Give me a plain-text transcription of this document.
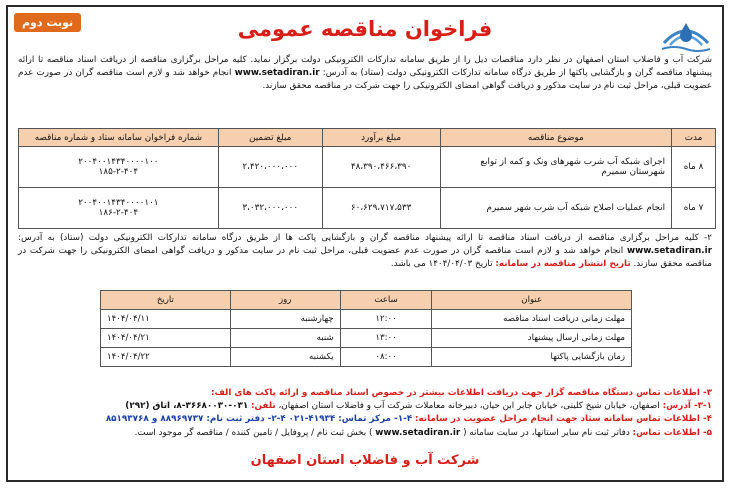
نوبت دوم	فراخوان مناقصه عمومی
شرکت آب و فاضلاب استان اصفهان در نظر دارد مناقصات ذیل را از طریق سامانه تدارکات الکترونیکی دولت برگزار نماید. کلیه مراحل برگزاری مناقصه از دریافت اسناد مناقصه تا ارائه پیشنهاد مناقصه گران و بازگشایی پاکتها از طریق درگاه سامانه تدارکات الکترونیکی دولت (ستاد) به آدرس: www.setadiran.ir انجام خواهد شد و لازم است مناقصه گران در صورت عدم عضویت قبلی، مراحل ثبت نام در سایت مذکور و دریافت گواهی امضای الکترونیکی را جهت شرکت در مناقصه محقق سازند.
مدت	موضوع مناقصه	مبلغ برآورد	مبلغ تضمین	شماره فراخوان سامانه ستاد و شماره مناقصه
۸ ماه	اجرای شبکه آب شرب شهرهای ونک و کمه از توابع شهرستان سمیرم	۴۸،۳۹۰،۴۶۶،۳۹۰	۲،۴۲۰،۰۰۰،۰۰۰	۲۰۰۴۰۰۱۴۳۴۰۰۰۰۱۰۰
۱۸۵-۲-۴۰۴

۷ ماه	انجام عملیات اصلاح شبکه آب شرب شهر سمیرم	۶۰،۶۲۹،۷۱۷،۵۳۳	۳،۰۳۲،۰۰۰،۰۰۰	۲۰۰۴۰۰۱۴۳۴۰۰۰۰۱۰۱
۱۸۶-۲-۴۰۴
۲- کلیه مراحل برگزاری مناقصه از دریافت اسناد مناقصه تا ارائه پیشنهاد مناقصه گران و بازگشایی پاکت ها از طریق درگاه سامانه تدارکات الکترونیکی دولت (ستاد) به آدرس: www.setadiran.ir انجام خواهد شد و لازم است مناقصه گران در صورت عدم عضویت قبلی، مراحل ثبت نام در سایت مذکور و دریافت گواهی امضای الکترونیکی را جهت شرکت در مناقصه محقق سازند. تاریخ انتشار مناقصه در سامانه: تاریخ ۱۴۰۴/۰۴/۰۳ می باشد.
عنوان	ساعت	روز	تاریخ
مهلت زمانی دریافت اسناد مناقصه	۱۲:۰۰	چهارشنبه	۱۴۰۴/۰۴/۱۱
مهلت زمانی ارسال پیشنهاد	۱۳:۰۰	شنبه	۱۴۰۴/۰۴/۲۱
زمان بازگشایی پاکتها	۰۸:۰۰	یکشنبه	۱۴۰۴/۰۴/۲۲
۳- اطلاعات تماس دستگاه مناقصه گزار جهت دریافت اطلاعات بیشتر در خصوص اسناد مناقصه و ارائه پاکت های الف:
۳-۱- آدرس: اصفهان، خیابان شیخ کلینی، خیابان جابر ابن حیان، دبیرخانه معاملات شرکت آب و فاضلاب استان اصفهان، تلفن: ۰۳۱-۳۶۶۸۰۰۳۰-۸، اتاق (۲۹۲)
۴- اطلاعات تماس سامانه ستاد جهت انجام مراحل عضویت در سامانه: ۴-۱- مرکز تماس: ۴۱۹۳۴-۰۲۱ ۴-۲- دفتر ثبت نام: ۸۸۹۶۹۷۳۷ و ۸۵۱۹۳۷۶۸
۵- اطلاعات تماس: دفاتر ثبت نام سایر استانها، در سایت سامانه ( www.setadiran.ir ) بخش ثبت نام / پروفایل / تامین کننده / مناقصه گر موجود است.
شرکت آب و فاضلاب استان اصفهان
